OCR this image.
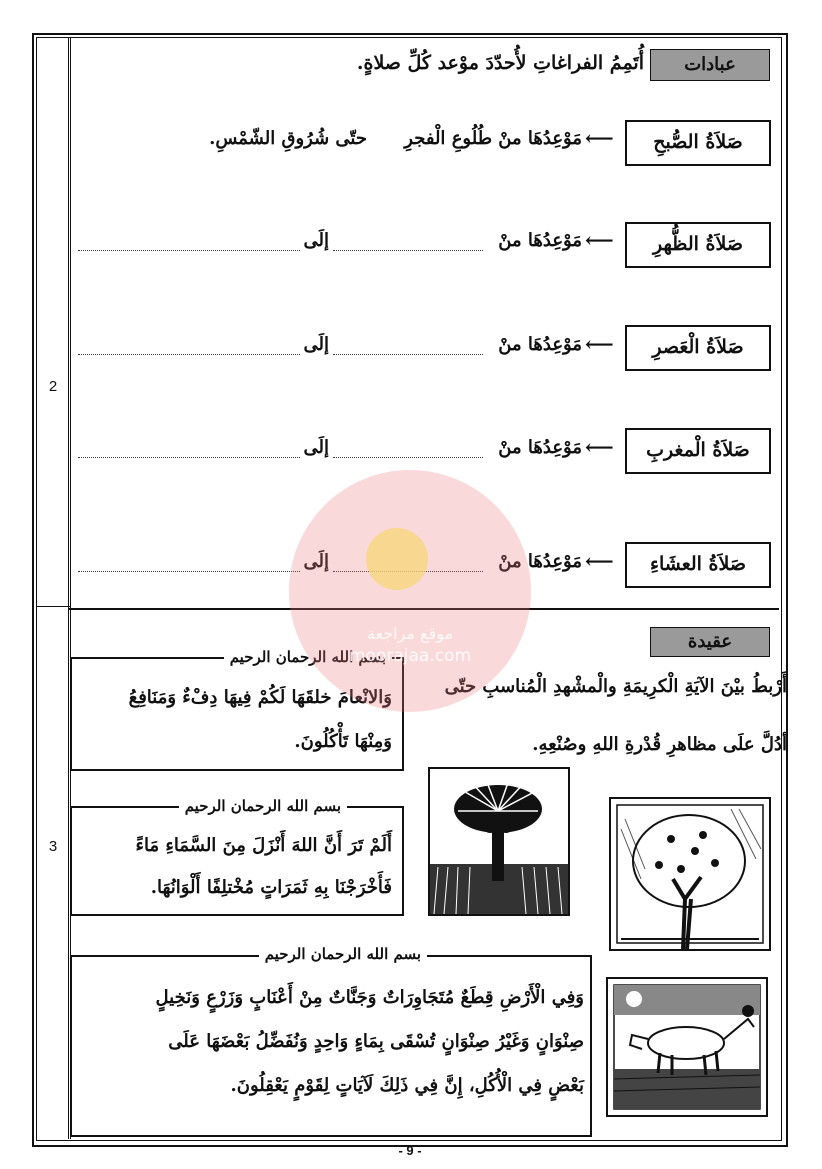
2
3
عبادات
أُتَمِمُ الفراغاتِ لأُحدّدَ موْعد كُلِّ صلاةٍ.
صَلاَةُ الصُّبحِ
⟵
مَوْعِدُهَا منْ طُلُوعِ الْفجرِ
حتّى شُرُوقِ الشّمْسِ.
صَلاَةُ الظُّهرِ
⟵
مَوْعِدُهَا منْ
إلَى
صَلاَةُ الْعَصرِ
⟵
مَوْعِدُهَا منْ
إلَى
صَلاَةُ الْمغربِ
⟵
مَوْعِدُهَا منْ
إلَى
صَلاَةُ العشَاءِ
⟵
مَوْعِدُهَا منْ
إلَى
عقيدة
أَرْبطُ بيْنَ الآيَةِ الْكرِيمَةِ والْمشْهدِ الْمُناسبِ حتّى
أدُلَّ علَى مظاهرِ قُدْرةِ اللهِ وصُنْعِهِ.
بسم الله الرحمان الرحيم
وَالانْعامَ خلقَهَا لَكُمْ فِيهَا دِفْءٌ وَمَنَافِعُ
وَمِنْهَا تَأْكُلُونَ.
بسم الله الرحمان الرحيم
أَلَمْ تَرَ أَنَّ اللهَ أَنْزَلَ مِنَ السَّمَاءِ مَاءً
فَأَخْرَجْنَا بِهِ ثَمَرَاتٍ مُخْتلِفًا أَلْوَانُهَا.
بسم الله الرحمان الرحيم
وَفِي الْأَرْضِ قِطَعٌ مُتَجَاوِرَاتٌ وَجَنَّاتٌ مِنْ أَعْنَابٍ وَزَرْعٍ وَنَخِيلٍ
صِنْوَانٍ وَغَيْرُ صِنْوَانٍ تُسْقَى بِمَاءٍ وَاحِدٍ وَنُفَضِّلُ بَعْضَهَا عَلَى
بَعْضٍ فِي الْأُكُلِ، إِنَّ فِي ذَلِكَ لَآيَاتٍ لِقَوْمٍ يَعْقِلُونَ.
موقع مراجعة
moorajaa.com
- 9 -
